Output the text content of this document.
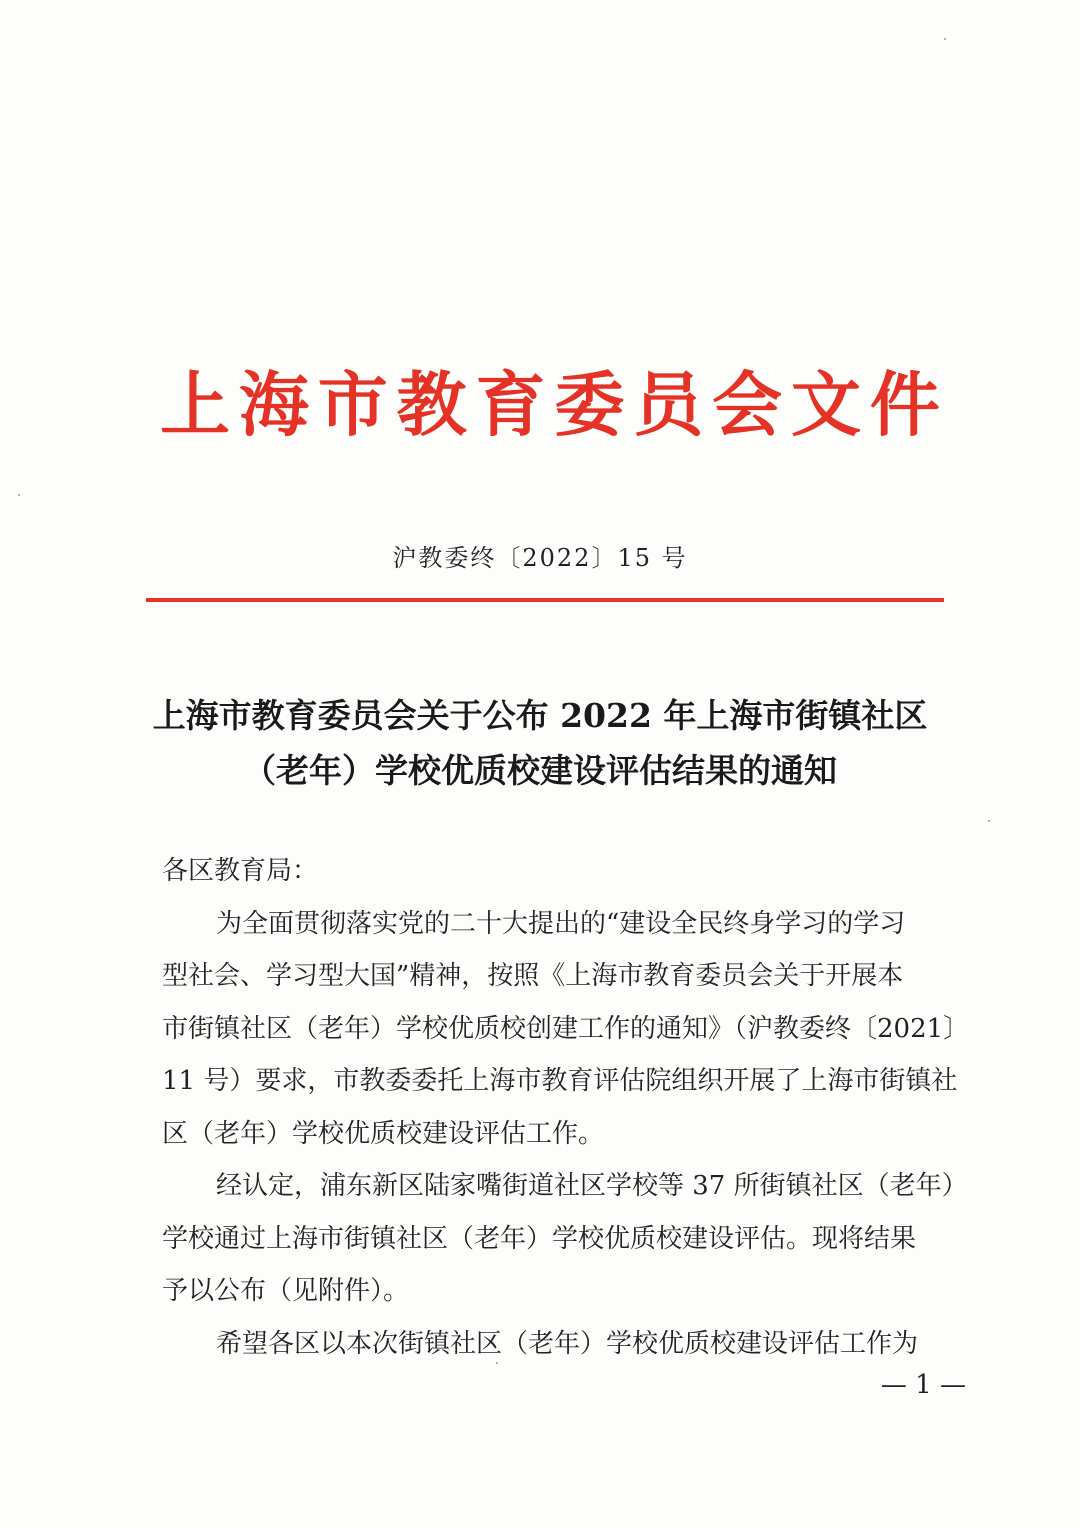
上 海 市 教 育 委 员 会 文 件
沪教委终〔2022〕15 号
上海市教育委员会关于公布 2022 年上海市街镇社区
（老年）学校优质校建设评估结果的通知
各区教育局：
为全面贯彻落实党的二十大提出的“建设全民终身学习的学习
型社会、学习型大国”精神，按照《上海市教育委员会关于开展本
市街镇社区（老年）学校优质校创建工作的通知》（沪教委终〔2021〕
11 号）要求，市教委委托上海市教育评估院组织开展了上海市街镇社
区（老年）学校优质校建设评估工作。
经认定，浦东新区陆家嘴街道社区学校等 37 所街镇社区（老年）
学校通过上海市街镇社区（老年）学校优质校建设评估。现将结果
予以公布（见附件）。
希望各区以本次街镇社区（老年）学校优质校建设评估工作为
— 1 —
